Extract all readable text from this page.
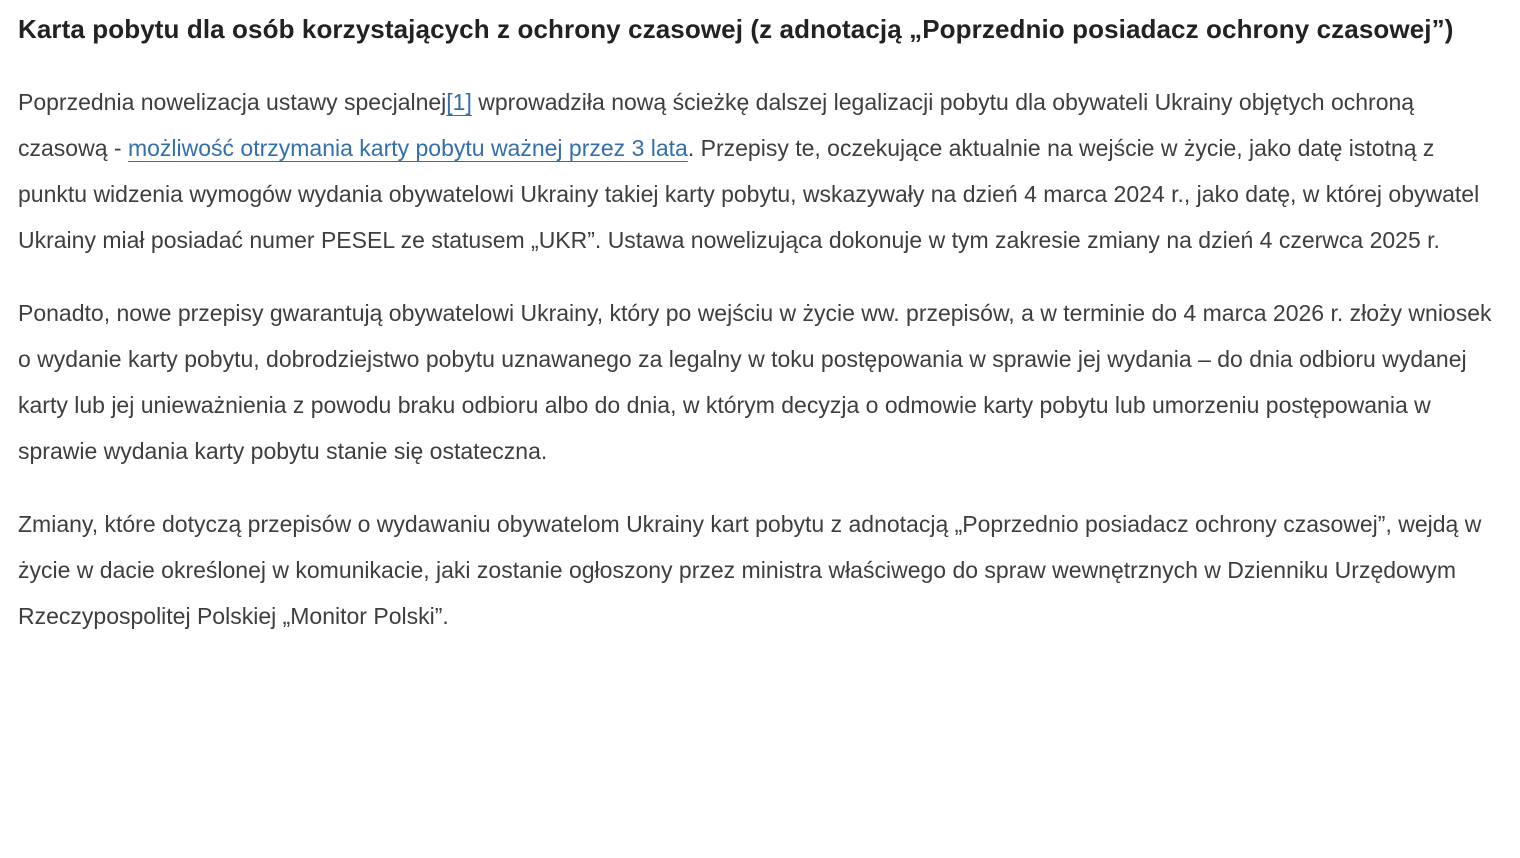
Karta pobytu dla osób korzystających z ochrony czasowej (z adnotacją „Poprzednio posiadacz ochrony czasowej”)

Poprzednia nowelizacja ustawy specjalnej[1] wprowadziła nową ścieżkę dalszej legalizacji pobytu dla obywateli Ukrainy objętych ochroną czasową - możliwość otrzymania karty pobytu ważnej przez 3 lata. Przepisy te, oczekujące aktualnie na wejście w życie, jako datę istotną z punktu widzenia wymogów wydania obywatelowi Ukrainy takiej karty pobytu, wskazywały na dzień 4 marca 2024 r., jako datę, w której obywatel Ukrainy miał posiadać numer PESEL ze statusem „UKR”. Ustawa nowelizująca dokonuje w tym zakresie zmiany na dzień 4 czerwca 2025 r.

Ponadto, nowe przepisy gwarantują obywatelowi Ukrainy, który po wejściu w życie ww. przepisów, a w terminie do 4 marca 2026 r. złoży wniosek o wydanie karty pobytu, dobrodziejstwo pobytu uznawanego za legalny w toku postępowania w sprawie jej wydania – do dnia odbioru wydanej karty lub jej unieważnienia z powodu braku odbioru albo do dnia, w którym decyzja o odmowie karty pobytu lub umorzeniu postępowania w sprawie wydania karty pobytu stanie się ostateczna.

Zmiany, które dotyczą przepisów o wydawaniu obywatelom Ukrainy kart pobytu z adnotacją „Poprzednio posiadacz ochrony czasowej”, wejdą w życie w dacie określonej w komunikacie, jaki zostanie ogłoszony przez ministra właściwego do spraw wewnętrznych w Dzienniku Urzędowym Rzeczypospolitej Polskiej „Monitor Polski”.
